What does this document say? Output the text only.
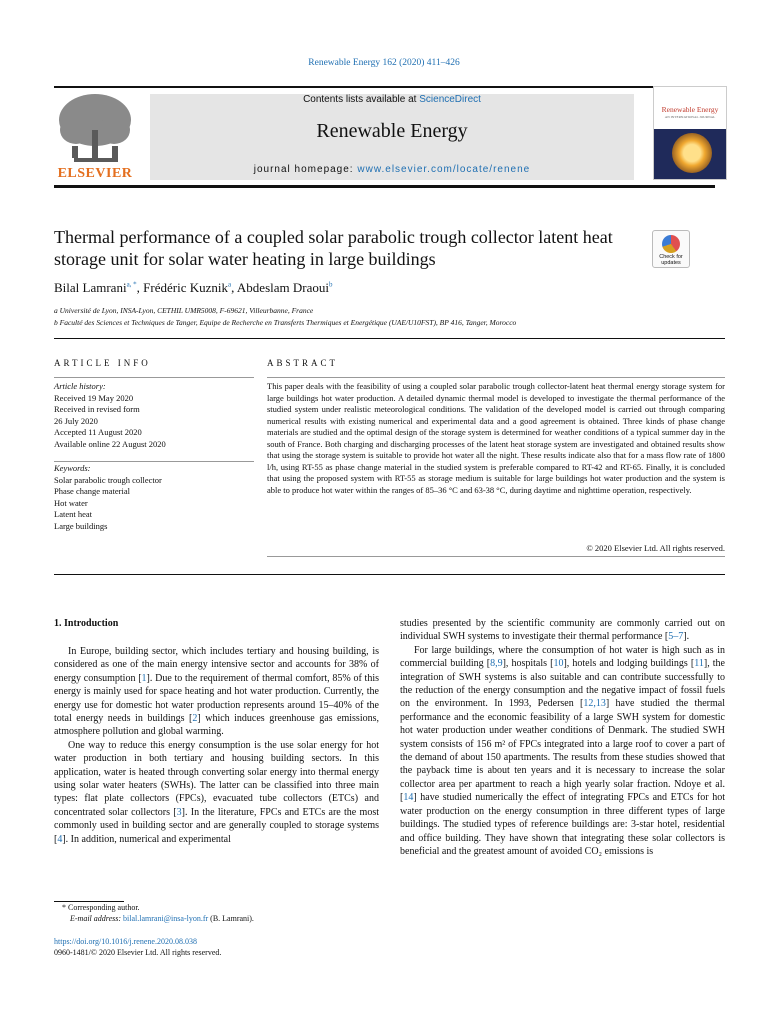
Renewable Energy 162 (2020) 411–426
ELSEVIER
Contents lists available at ScienceDirect
Renewable Energy
journal homepage: www.elsevier.com/locate/renene
Renewable Energy
AN INTERNATIONAL JOURNAL
Thermal performance of a coupled solar parabolic trough collector latent heat storage unit for solar water heating in large buildings	Check for
updates
Bilal Lamrani$^{a, *}$, Frédéric Kuznik$^a$, Abdeslam Draoui$^b$
a Université de Lyon, INSA-Lyon, CETHIL UMR5008, F-69621, Villeurbanne, France
b Faculté des Sciences et Techniques de Tanger, Equipe de Recherche en Transferts Thermiques et Energétique (UAE/U10FST), BP 416, Tanger, Morocco
ARTICLE INFO	ABSTRACT
Article history:
Received 19 May 2020
Received in revised form
26 July 2020
Accepted 11 August 2020
Available online 22 August 2020
Keywords:
Solar parabolic trough collector
Phase change material
Hot water
Latent heat
Large buildings
This paper deals with the feasibility of using a coupled solar parabolic trough collector-latent heat thermal energy storage system for large buildings hot water production. A detailed dynamic thermal model is developed to investigate the thermal performance of the studied system under realistic meteorological conditions. The validation of the developed model is carried out through comparing numerical results with existing numerical and experimental data and a good agreement is obtained. Three kinds of phase change materials are studied and the optimal design of the storage system is determined for weather conditions of a typical summer day in the south of France. Both charging and discharging processes of the latent heat storage system are investigated and obtained results show that using the storage system is suitable to provide hot water all the night. These results indicate also that for a mass flow rate of 1800 l/h, using RT-55 as phase change material in the studied system is preferable compared to RT-42 and RT-65. Finally, it is concluded that using the proposed system with RT-55 as storage medium is suitable for large buildings hot water production and the system is able to produce hot water within the ranges of 85–36 °C and 63-38 °C, during daytime and nighttime operation, respectively.
© 2020 Elsevier Ltd. All rights reserved.
1. Introduction

In Europe, building sector, which includes tertiary and housing building, is considered as one of the main energy intensive sector and accounts for 38% of energy consumption [1]. Due to the requirement of thermal comfort, 85% of this energy is mainly used for space heating and hot water production. Currently, the energy use for domestic hot water production represents around 15–40% of the total energy needs in buildings [2] which induces greenhouse gas emissions, atmosphere pollution and global warming.

One way to reduce this energy consumption is the use solar energy for hot water production in both tertiary and housing building sectors. In this application, water is heated through converting solar energy into thermal energy using solar water heaters (SWHs). The latter can be classified into three main types: flat plate collectors (FPCs), evacuated tube collectors (ETCs) and concentrated solar collectors [3]. In the literature, FPCs and ETCs are the most commonly used in building sector and are generally coupled to storage systems [4]. In addition, numerical and experimental

studies presented by the scientific community are commonly carried out on individual SWH systems to investigate their thermal performance [5–7].

For large buildings, where the consumption of hot water is high such as in commercial building [8,9], hospitals [10], hotels and lodging buildings [11], the integration of SWH systems is also suitable and can contribute successfully to the reduction of the energy consumption and the negative impact of fossil fuels on the environment. In 1993, Pedersen [12,13] have studied the thermal performance and the economic feasibility of a large SWH system for domestic hot water production under weather conditions of Denmark. The studied SWH system consists of 156 m² of FPCs integrated into a large roof to cover a part of the demand of about 150 apartments. The results from these studies showed that the payback time is about ten years and it is necessary to increase the solar collector area per apartment to reach a high yearly solar fraction. Ndoye et al. [14] have studied numerically the effect of integrating FPCs and ETCs for hot water production on the energy consumption in three different types of large buildings. The studied types of reference buildings are: 3-star hotel, residential and office building. They have shown that integrating these solar collectors is beneficial and the greatest amount of avoided CO₂ emissions is

* Corresponding author.
E-mail address: bilal.lamrani@insa-lyon.fr (B. Lamrani).
https://doi.org/10.1016/j.renene.2020.08.038
0960-1481/© 2020 Elsevier Ltd. All rights reserved.
